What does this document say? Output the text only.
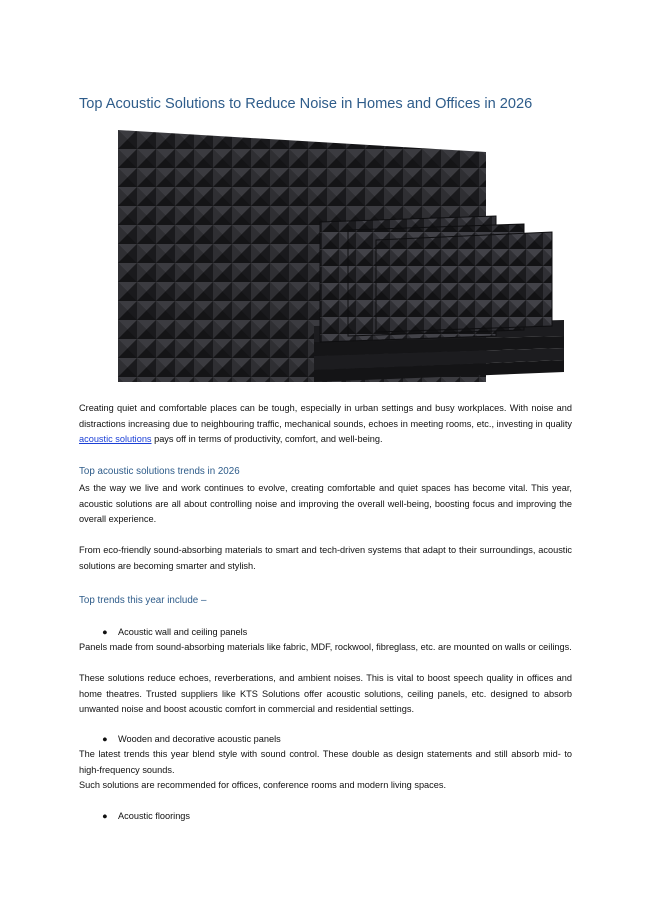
Top Acoustic Solutions to Reduce Noise in Homes and Offices in 2026
Creating quiet and comfortable places can be tough, especially in urban settings and busy workplaces. With noise and distractions increasing due to neighbouring traffic, mechanical sounds, echoes in meeting rooms, etc., investing in quality acoustic solutions pays off in terms of productivity, comfort, and well-being.
Top acoustic solutions trends in 2026
As the way we live and work continues to evolve, creating comfortable and quiet spaces has become vital. This year, acoustic solutions are all about controlling noise and improving the overall well-being, boosting focus and improving the overall experience.
From eco-friendly sound-absorbing materials to smart and tech-driven systems that adapt to their surroundings, acoustic solutions are becoming smarter and stylish.
Top trends this year include –
● Acoustic wall and ceiling panels
Panels made from sound-absorbing materials like fabric, MDF, rockwool, fibreglass, etc. are mounted on walls or ceilings.
These solutions reduce echoes, reverberations, and ambient noises. This is vital to boost speech quality in offices and home theatres. Trusted suppliers like KTS Solutions offer acoustic solutions, ceiling panels, etc. designed to absorb unwanted noise and boost acoustic comfort in commercial and residential settings.
● Wooden and decorative acoustic panels
The latest trends this year blend style with sound control. These double as design statements and still absorb mid- to high-frequency sounds.
Such solutions are recommended for offices, conference rooms and modern living spaces.
● Acoustic floorings
